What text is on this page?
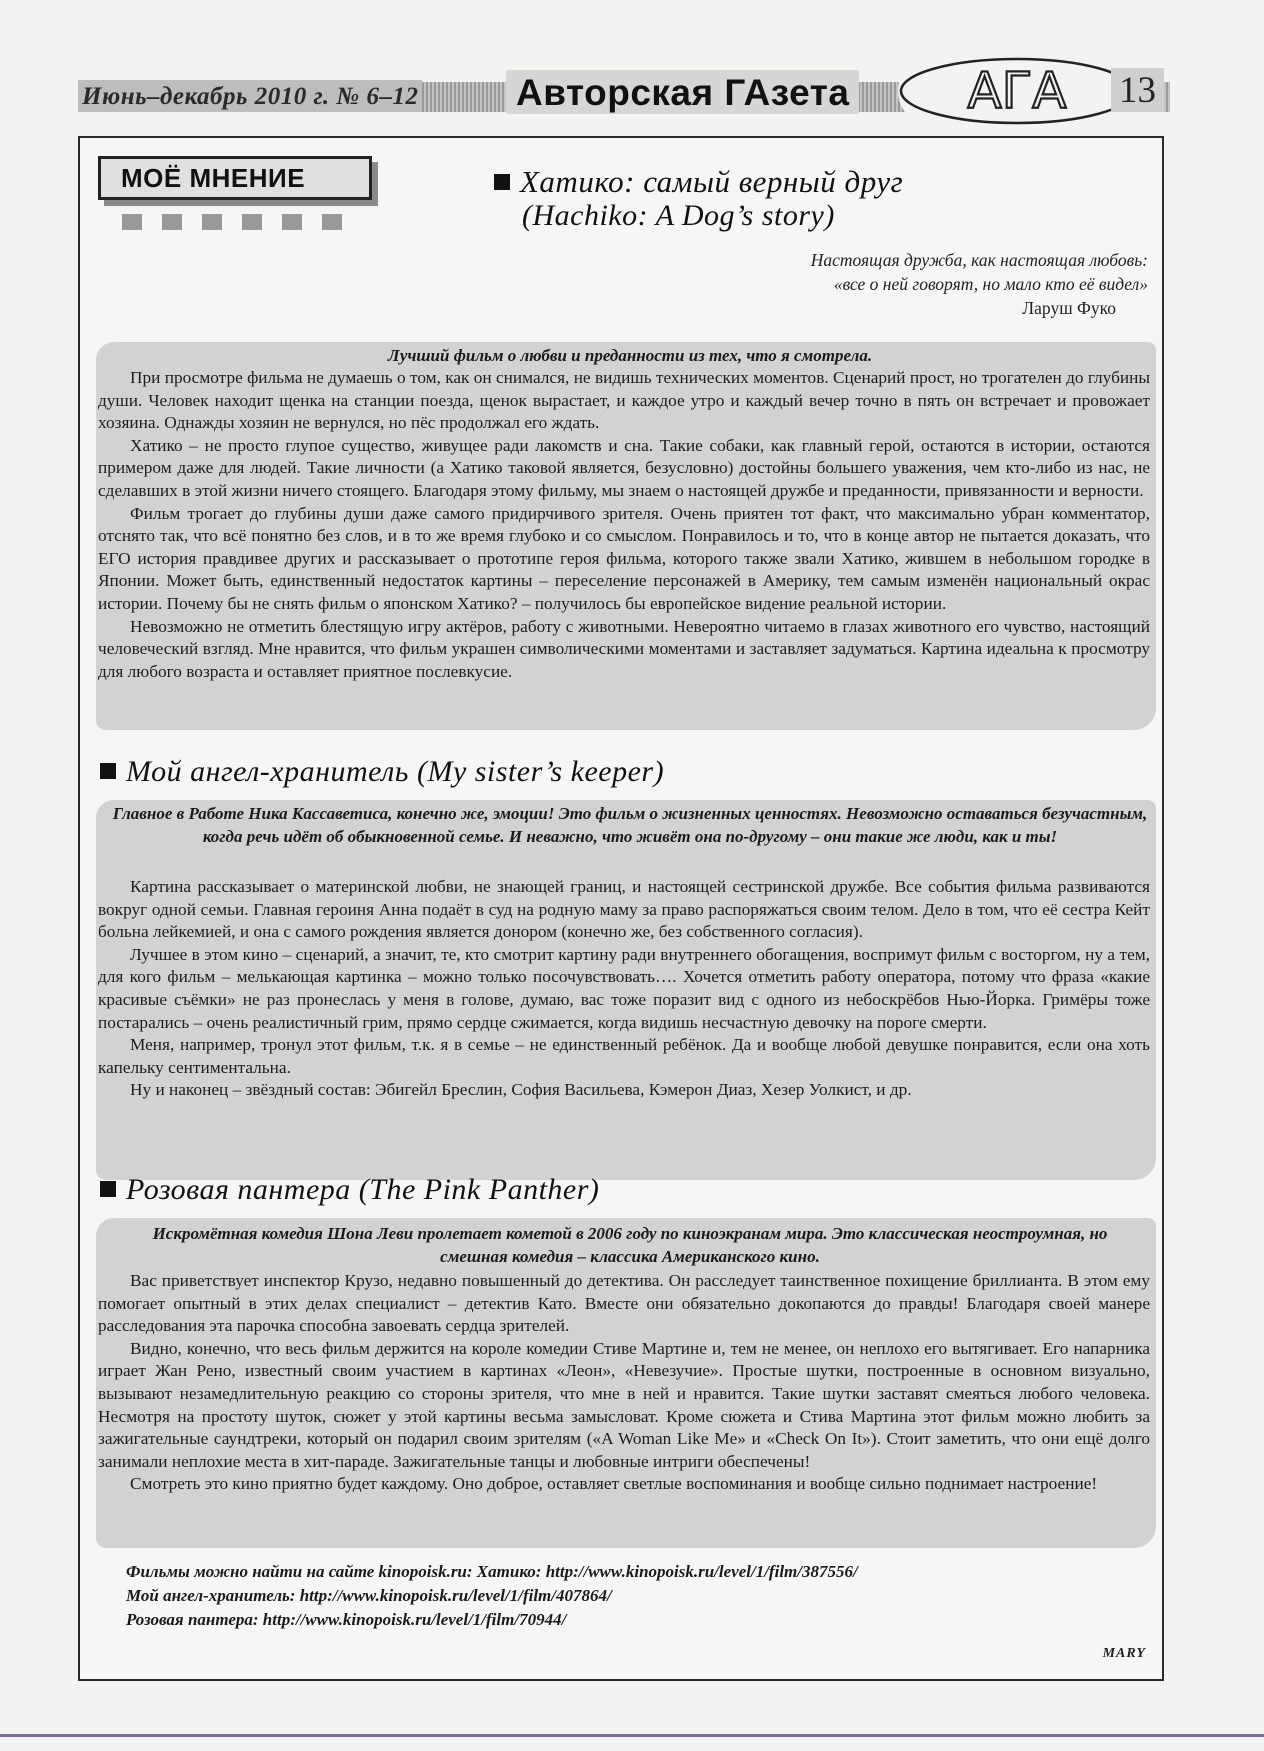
Июнь–декабрь 2010 г. № 6–12	Авторская ГАзета АГА 13
МОЁ МНЕНИЕ	Хатико: самый верный друг
(Hachiko: A Dog’s story)
Настоящая дружба, как настоящая любовь:
«все о ней говорят, но мало кто её видел»
Ларуш Фуко
Лучший фильм о любви и преданности из тех, что я смотрела.

При просмотре фильма не думаешь о том, как он снимался, не видишь технических моментов. Сценарий прост, но трогателен до глубины души. Человек находит щенка на станции поезда, щенок вырастает, и каждое утро и каждый вечер точно в пять он встречает и провожает хозяина. Однажды хозяин не вернулся, но пёс продолжал его ждать.

Хатико – не просто глупое существо, живущее ради лакомств и сна. Такие собаки, как главный герой, остаются в истории, остаются примером даже для людей. Такие личности (а Хатико таковой является, безусловно) достойны большего уважения, чем кто-либо из нас, не сделавших в этой жизни ничего стоящего. Благодаря этому фильму, мы знаем о настоящей дружбе и преданности, привязанности и верности.

Фильм трогает до глубины души даже самого придирчивого зрителя. Очень приятен тот факт, что максимально убран комментатор, отснято так, что всё понятно без слов, и в то же время глубоко и со смыслом. Понравилось и то, что в конце автор не пытается доказать, что ЕГО история правдивее других и рассказывает о прототипе героя фильма, которого также звали Хатико, жившем в небольшом городке в Японии. Может быть, единственный недостаток картины – переселение персонажей в Америку, тем самым изменён национальный окрас истории. Почему бы не снять фильм о японском Хатико? – получилось бы европейское видение реальной истории.

Невозможно не отметить блестящую игру актёров, работу с животными. Невероятно читаемо в глазах животного его чувство, настоящий человеческий взгляд. Мне нравится, что фильм украшен символическими моментами и заставляет задуматься. Картина идеальна к просмотру для любого возраста и оставляет приятное послевкусие.

Мой ангел-хранитель (My sister’s keeper)
Главное в Работе Ника Кассаветиса, конечно же, эмоции! Это фильм о жизненных ценностях. Невозможно оставаться безучастным, когда речь идёт об обыкновенной семье. И неважно, что живёт она по-другому – они такие же люди, как и ты!

Картина рассказывает о материнской любви, не знающей границ, и настоящей сестринской дружбе. Все события фильма развиваются вокруг одной семьи. Главная героиня Анна подаёт в суд на родную маму за право распоряжаться своим телом. Дело в том, что её сестра Кейт больна лейкемией, и она с самого рождения является донором (конечно же, без собственного согласия).

Лучшее в этом кино – сценарий, а значит, те, кто смотрит картину ради внутреннего обогащения, воспримут фильм с восторгом, ну а тем, для кого фильм – мелькающая картинка – можно только посочувствовать…. Хочется отметить работу оператора, потому что фраза «какие красивые съёмки» не раз пронеслась у меня в голове, думаю, вас тоже поразит вид с одного из небоскрёбов Нью-Йорка. Гримёры тоже постарались – очень реалистичный грим, прямо сердце сжимается, когда видишь несчастную девочку на пороге смерти.

Меня, например, тронул этот фильм, т.к. я в семье – не единственный ребёнок. Да и вообще любой девушке понравится, если она хоть капельку сентиментальна.

Ну и наконец – звёздный состав: Эбигейл Бреслин, София Васильева, Кэмерон Диаз, Хезер Уолкист, и др.

Розовая пантера (The Pink Panther)
Искромётная комедия Шона Леви пролетает кометой в 2006 году по киноэкранам мира. Это классическая неостроумная, но смешная комедия – классика Американского кино.

Вас приветствует инспектор Крузо, недавно повышенный до детектива. Он расследует таинственное похищение бриллианта. В этом ему помогает опытный в этих делах специалист – детектив Като. Вместе они обязательно докопаются до правды! Благодаря своей манере расследования эта парочка способна завоевать сердца зрителей.

Видно, конечно, что весь фильм держится на короле комедии Стиве Мартине и, тем не менее, он неплохо его вытягивает. Его напарника играет Жан Рено, известный своим участием в картинах «Леон», «Невезучие». Простые шутки, построенные в основном визуально, вызывают незамедлительную реакцию со стороны зрителя, что мне в ней и нравится. Такие шутки заставят смеяться любого человека. Несмотря на простоту шуток, сюжет у этой картины весьма замысловат. Кроме сюжета и Стива Мартина этот фильм можно любить за зажигательные саундтреки, который он подарил своим зрителям («A Woman Like Me» и «Check On It»). Стоит заметить, что они ещё долго занимали неплохие места в хит-параде. Зажигательные танцы и любовные интриги обеспечены!

Смотреть это кино приятно будет каждому. Оно доброе, оставляет светлые воспоминания и вообще сильно поднимает настроение!

Фильмы можно найти на сайте kinopoisk.ru: Хатико: http://www.kinopoisk.ru/level/1/film/387556/
Мой ангел-хранитель: http://www.kinopoisk.ru/level/1/film/407864/
Розовая пантера: http://www.kinopoisk.ru/level/1/film/70944/
MARY
